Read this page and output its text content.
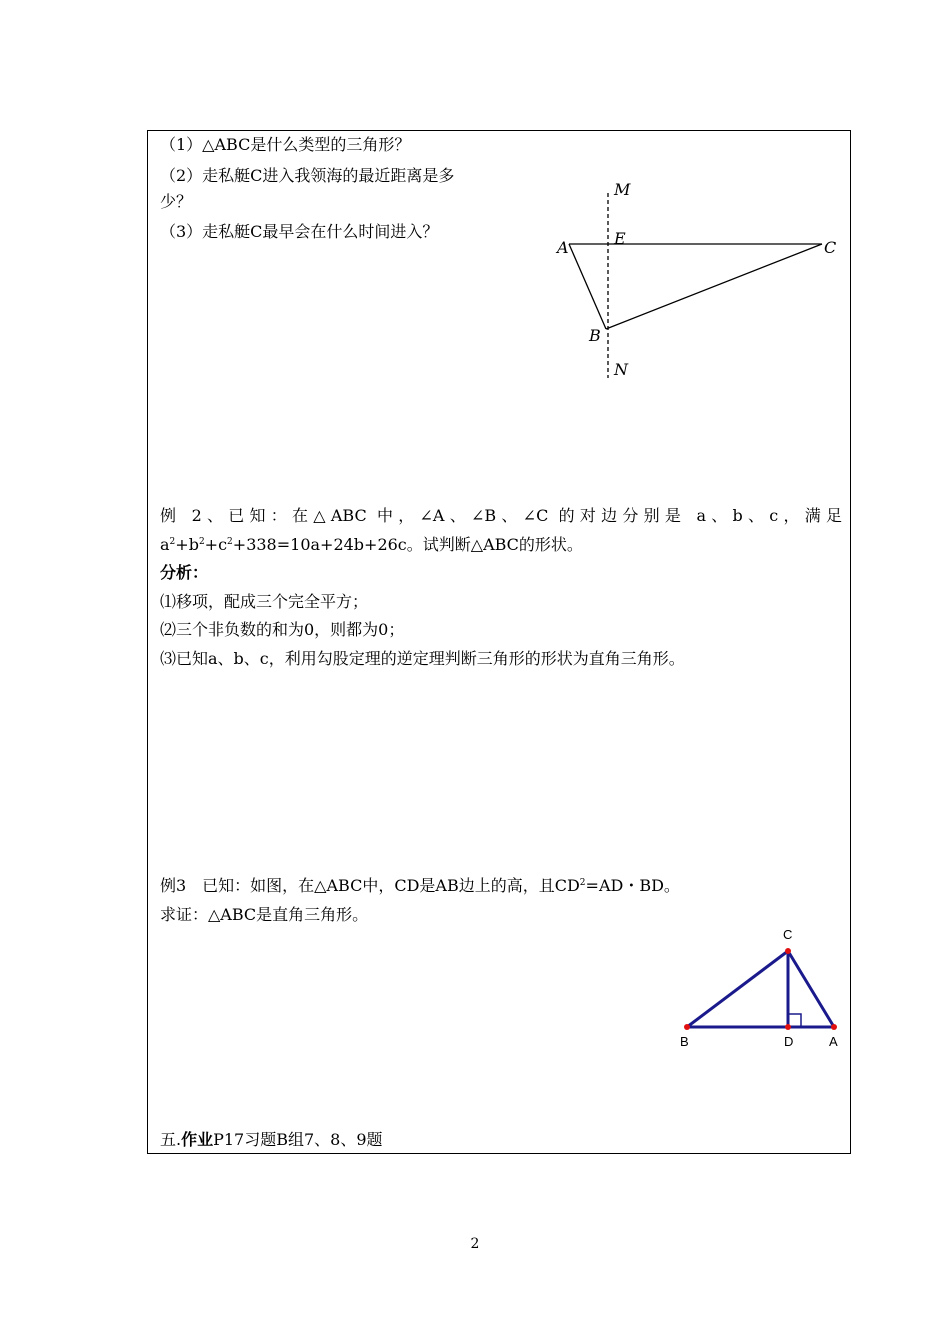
（1）△ABC是什么类型的三角形？
（2）走私艇C进入我领海的最近距离是多
少？
（3）走私艇C最早会在什么时间进入？
M
E
A	C
B
N
例 2、已知：在△ABC 中，∠A、∠B、∠C 的对边分别是 a、b、c，满足
$a^2+b^2+c^2+338=10a+24b+26c$。试判断△ABC的形状。
分析：
⑴移项，配成三个完全平方；
⑵三个非负数的和为0，则都为0；
⑶已知a、b、c，利用勾股定理的逆定理判断三角形的形状为直角三角形。
例3　已知：如图，在△ABC中，CD是AB边上的高，且$CD^2=AD$・BD。
求证：△ABC是直角三角形。
C
B	D	A
五.作业P17习题B组7、8、9题
2
